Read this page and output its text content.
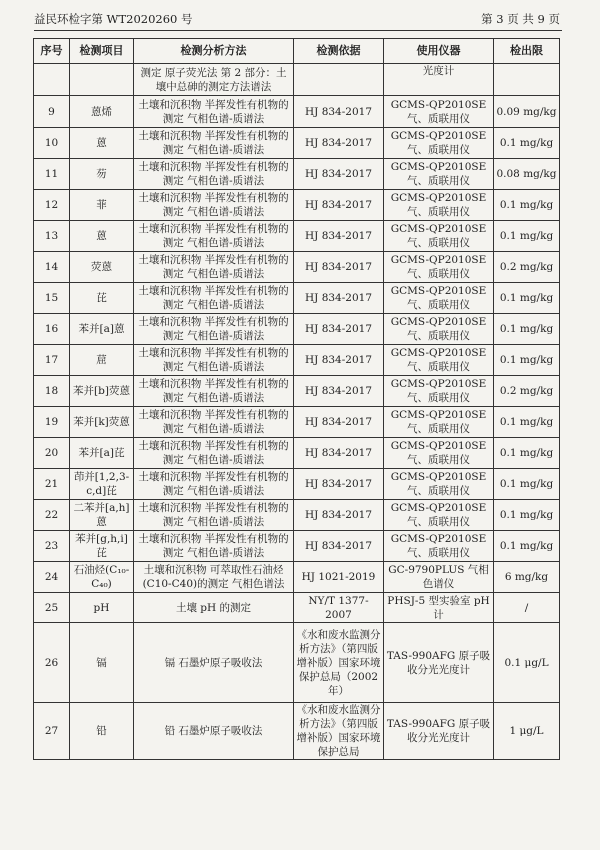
益民环检字第 WT2020260 号	第 3 页 共 9 页
序号	检测项目	检测分析方法	检测依据	使用仪器	检出限
		测定 原子荧光法 第 2 部分：土壤中总砷的测定方法谱法		光度计	
9	蒽烯	土壤和沉积物 半挥发性有机物的测定 气相色谱-质谱法	HJ 834-2017	GCMS-QP2010SE 气、质联用仪	0.09 mg/kg
10	蒽	土壤和沉积物 半挥发性有机物的测定 气相色谱-质谱法	HJ 834-2017	GCMS-QP2010SE 气、质联用仪	0.1 mg/kg
11	芴	土壤和沉积物 半挥发性有机物的测定 气相色谱-质谱法	HJ 834-2017	GCMS-QP2010SE 气、质联用仪	0.08 mg/kg
12	菲	土壤和沉积物 半挥发性有机物的测定 气相色谱-质谱法	HJ 834-2017	GCMS-QP2010SE 气、质联用仪	0.1 mg/kg
13	蒽	土壤和沉积物 半挥发性有机物的测定 气相色谱-质谱法	HJ 834-2017	GCMS-QP2010SE 气、质联用仪	0.1 mg/kg
14	荧蒽	土壤和沉积物 半挥发性有机物的测定 气相色谱-质谱法	HJ 834-2017	GCMS-QP2010SE 气、质联用仪	0.2 mg/kg
15	芘	土壤和沉积物 半挥发性有机物的测定 气相色谱-质谱法	HJ 834-2017	GCMS-QP2010SE 气、质联用仪	0.1 mg/kg
16	苯并[a]蒽	土壤和沉积物 半挥发性有机物的测定 气相色谱-质谱法	HJ 834-2017	GCMS-QP2010SE 气、质联用仪	0.1 mg/kg
17	䓛	土壤和沉积物 半挥发性有机物的测定 气相色谱-质谱法	HJ 834-2017	GCMS-QP2010SE 气、质联用仪	0.1 mg/kg
18	苯并[b]荧蒽	土壤和沉积物 半挥发性有机物的测定 气相色谱-质谱法	HJ 834-2017	GCMS-QP2010SE 气、质联用仪	0.2 mg/kg
19	苯并[k]荧蒽	土壤和沉积物 半挥发性有机物的测定 气相色谱-质谱法	HJ 834-2017	GCMS-QP2010SE 气、质联用仪	0.1 mg/kg
20	苯并[a]芘	土壤和沉积物 半挥发性有机物的测定 气相色谱-质谱法	HJ 834-2017	GCMS-QP2010SE 气、质联用仪	0.1 mg/kg
21	茚并[1,2,3-c,d]芘	土壤和沉积物 半挥发性有机物的测定 气相色谱-质谱法	HJ 834-2017	GCMS-QP2010SE 气、质联用仪	0.1 mg/kg
22	二苯并[a,h]蒽	土壤和沉积物 半挥发性有机物的测定 气相色谱-质谱法	HJ 834-2017	GCMS-QP2010SE 气、质联用仪	0.1 mg/kg
23	苯并[g,h,i]芘	土壤和沉积物 半挥发性有机物的测定 气相色谱-质谱法	HJ 834-2017	GCMS-QP2010SE 气、质联用仪	0.1 mg/kg
24	石油烃(C₁₀-C₄₀)	土壤和沉积物 可萃取性石油烃(C10-C40)的测定 气相色谱法	HJ 1021-2019	GC-9790PLUS 气相色谱仪	6 mg/kg
25	pH	土壤 pH 的测定	NY/T 1377-2007	PHSJ-5 型实验室 pH 计	/
26	镉	镉 石墨炉原子吸收法	《水和废水监测分析方法》（第四版增补版）国家环境保护总局（2002 年）	TAS-990AFG 原子吸收分光光度计	0.1 μg/L
27	铅	铅 石墨炉原子吸收法	《水和废水监测分析方法》（第四版增补版）国家环境保护总局	TAS-990AFG 原子吸收分光光度计	1 μg/L
